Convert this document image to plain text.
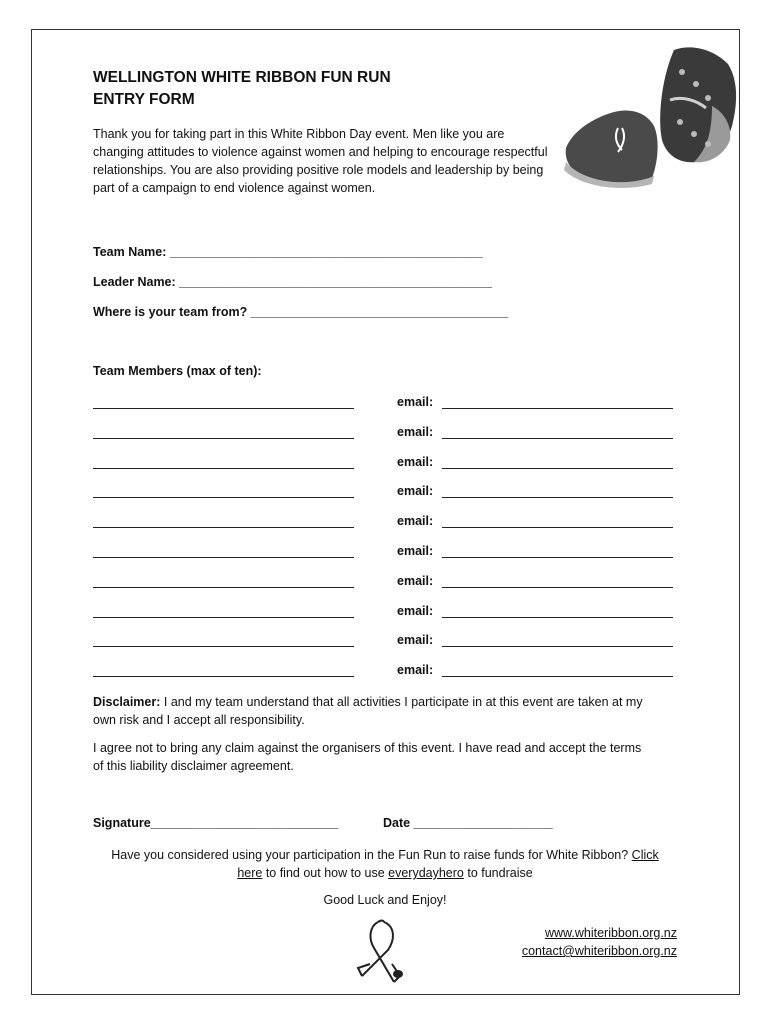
WELLINGTON WHITE RIBBON FUN RUN
ENTRY FORM
Thank you for taking part in this White Ribbon Day event. Men like you are changing attitudes to violence against women and helping to encourage respectful relationships. You are also providing positive role models and leadership by being part of a campaign to end violence against women.
Team Name: _____________________________________________
Leader Name: _____________________________________________
Where is your team from? _____________________________________
Team Members (max of ten):
email:
email:
email:
email:
email:
email:
email:
email:
email:
email:
Disclaimer: I and my team understand that all activities I participate in at this event are taken at my own risk and I accept all responsibility.
I agree not to bring any claim against the organisers of this event. I have read and accept the terms of this liability disclaimer agreement.
Signature___________________________	Date ____________________
Have you considered using your participation in the Fun Run to raise funds for White Ribbon? Click here to find out how to use everydayhero to fundraise
Good Luck and Enjoy!
www.whiteribbon.org.nz
contact@whiteribbon.org.nz
